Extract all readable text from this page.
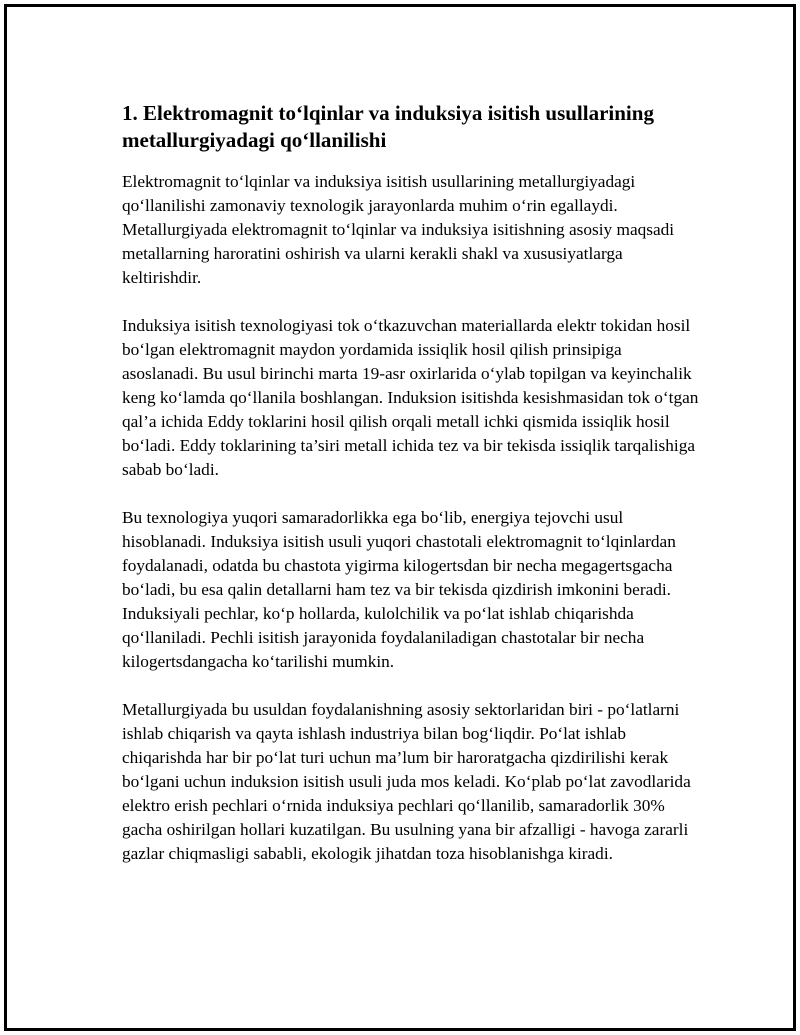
1. Elektromagnit to‘lqinlar va induksiya isitish usullarining metallurgiyadagi qo‘llanilishi

Elektromagnit to‘lqinlar va induksiya isitish usullarining metallurgiyadagi qo‘llanilishi zamonaviy texnologik jarayonlarda muhim o‘rin egallaydi. Metallurgiyada elektromagnit to‘lqinlar va induksiya isitishning asosiy maqsadi metallarning haroratini oshirish va ularni kerakli shakl va xususiyatlarga keltirishdir.

Induksiya isitish texnologiyasi tok o‘tkazuvchan materiallarda elektr tokidan hosil bo‘lgan elektromagnit maydon yordamida issiqlik hosil qilish prinsipiga asoslanadi. Bu usul birinchi marta 19-asr oxirlarida o‘ylab topilgan va keyinchalik keng ko‘lamda qo‘llanila boshlangan. Induksion isitishda kesishmasidan tok o‘tgan qal’a ichida Eddy toklarini hosil qilish orqali metall ichki qismida issiqlik hosil bo‘ladi. Eddy toklarining ta’siri metall ichida tez va bir tekisda issiqlik tarqalishiga sabab bo‘ladi.

Bu texnologiya yuqori samaradorlikka ega bo‘lib, energiya tejovchi usul hisoblanadi. Induksiya isitish usuli yuqori chastotali elektromagnit to‘lqinlardan foydalanadi, odatda bu chastota yigirma kilogertsdan bir necha megagertsgacha bo‘ladi, bu esa qalin detallarni ham tez va bir tekisda qizdirish imkonini beradi. Induksiyali pechlar, ko‘p hollarda, kulolchilik va po‘lat ishlab chiqarishda qo‘llaniladi. Pechli isitish jarayonida foydalaniladigan chastotalar bir necha kilogertsdangacha ko‘tarilishi mumkin.

Metallurgiyada bu usuldan foydalanishning asosiy sektorlaridan biri - po‘latlarni ishlab chiqarish va qayta ishlash industriya bilan bog‘liqdir. Po‘lat ishlab chiqarishda har bir po‘lat turi uchun ma’lum bir haroratgacha qizdirilishi kerak bo‘lgani uchun induksion isitish usuli juda mos keladi. Ko‘plab po‘lat zavodlarida elektro erish pechlari o‘rnida induksiya pechlari qo‘llanilib, samaradorlik 30% gacha oshirilgan hollari kuzatilgan. Bu usulning yana bir afzalligi - havoga zararli gazlar chiqmasligi sababli, ekologik jihatdan toza hisoblanishga kiradi.
